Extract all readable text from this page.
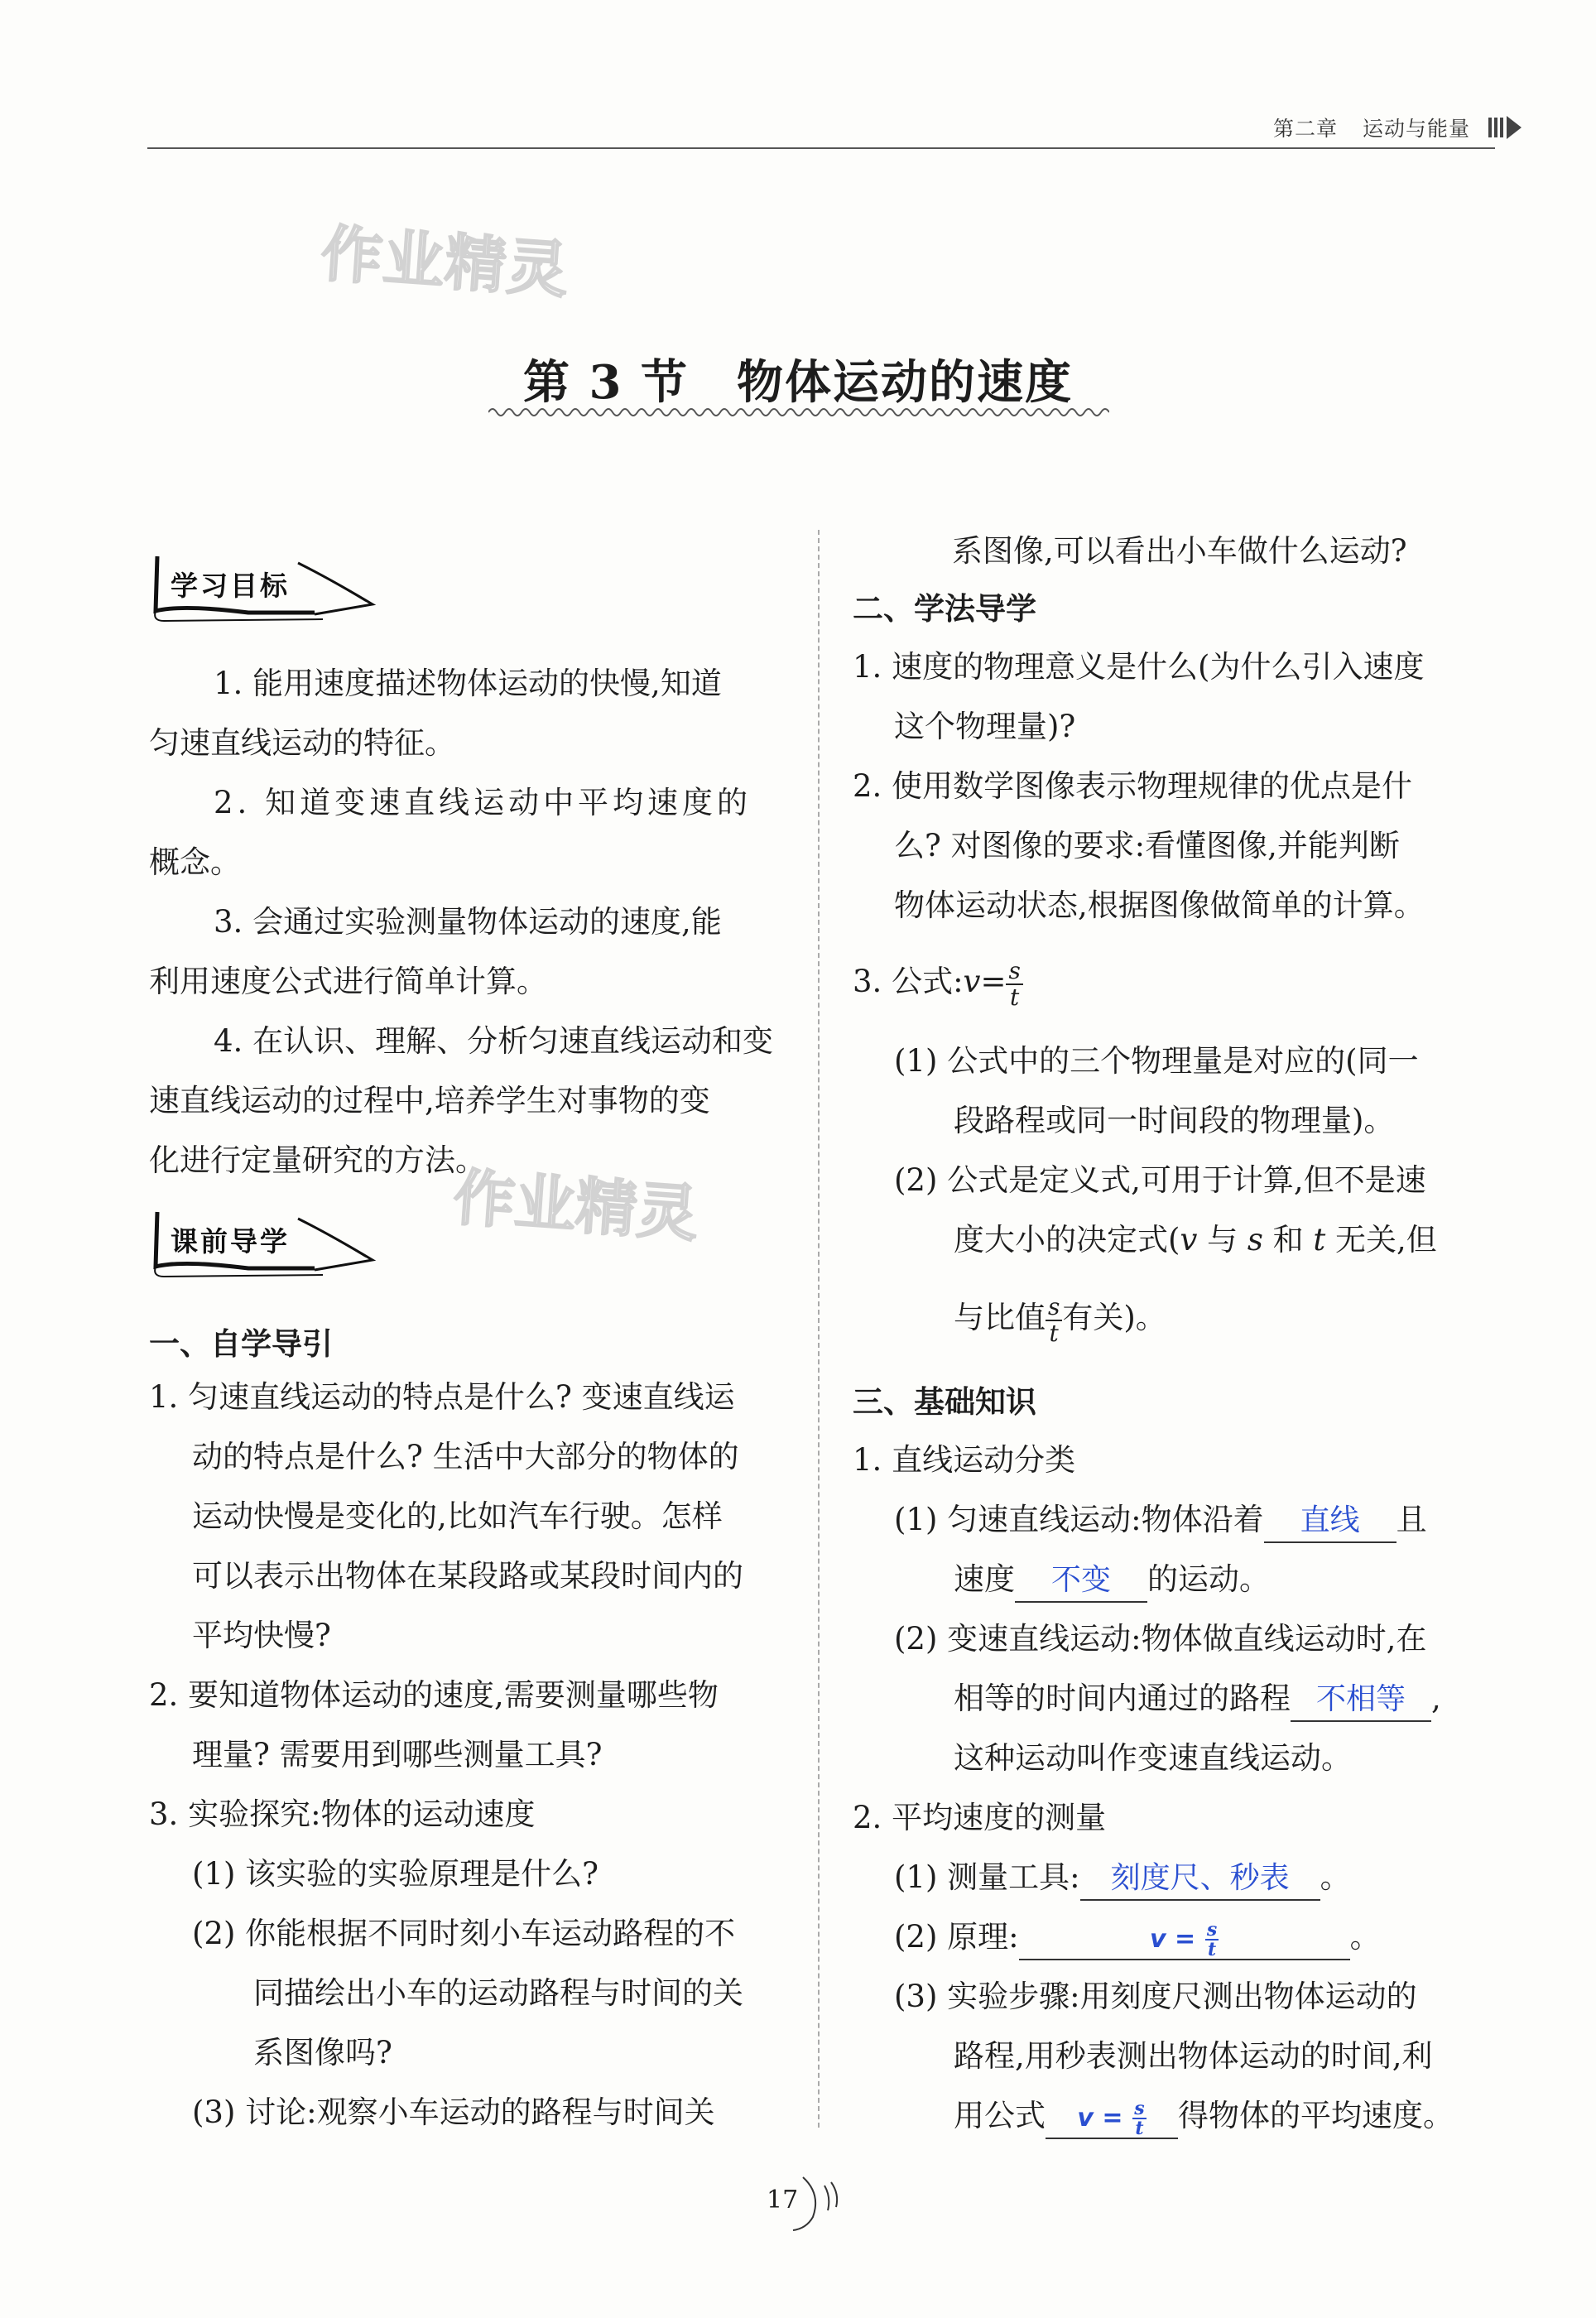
第二章 运动与能量
作业精灵
作业精灵
第 3 节　物体运动的速度
学习目标
1. 能用速度描述物体运动的快慢,知道
匀速直线运动的特征。
2. 知道变速直线运动中平均速度的
概念。
3. 会通过实验测量物体运动的速度,能
利用速度公式进行简单计算。
4. 在认识、理解、分析匀速直线运动和变
速直线运动的过程中,培养学生对事物的变
化进行定量研究的方法。
课前导学
一、自学导引
1. 匀速直线运动的特点是什么? 变速直线运
动的特点是什么? 生活中大部分的物体的
运动快慢是变化的,比如汽车行驶。怎样
可以表示出物体在某段路或某段时间内的
平均快慢?
2. 要知道物体运动的速度,需要测量哪些物
理量? 需要用到哪些测量工具?
3. 实验探究:物体的运动速度
(1) 该实验的实验原理是什么?
(2) 你能根据不同时刻小车运动路程的不
同描绘出小车的运动路程与时间的关
系图像吗?
(3) 讨论:观察小车运动的路程与时间关
系图像,可以看出小车做什么运动?
二、学法导学
1. 速度的物理意义是什么(为什么引入速度
这个物理量)?
2. 使用数学图像表示物理规律的优点是什
么? 对图像的要求:看懂图像,并能判断
物体运动状态,根据图像做简单的计算。
3. 公式:v= $\frac{s}{t}$
(1) 公式中的三个物理量是对应的(同一
段路程或同一时间段的物理量)。
(2) 公式是定义式,可用于计算,但不是速
度大小的决定式(v 与 s 和 t 无关,但
与比值 $\frac{s}{t}$ 有关)。
三、基础知识
1. 直线运动分类
(1) 匀速直线运动:物体沿着 直线 且
速度 不变 的运动。
(2) 变速直线运动:物体做直线运动时,在
相等的时间内通过的路程 不相等 ,
这种运动叫作变速直线运动。
2. 平均速度的测量
(1) 测量工具: 刻度尺、秒表 。
(2) 原理:	$v = \frac{s}{t}$	。
(3) 实验步骤:用刻度尺测出物体运动的
路程,用秒表测出物体运动的时间,利
用公式 $v = \frac{s}{t}$ 得物体的平均速度。
17
